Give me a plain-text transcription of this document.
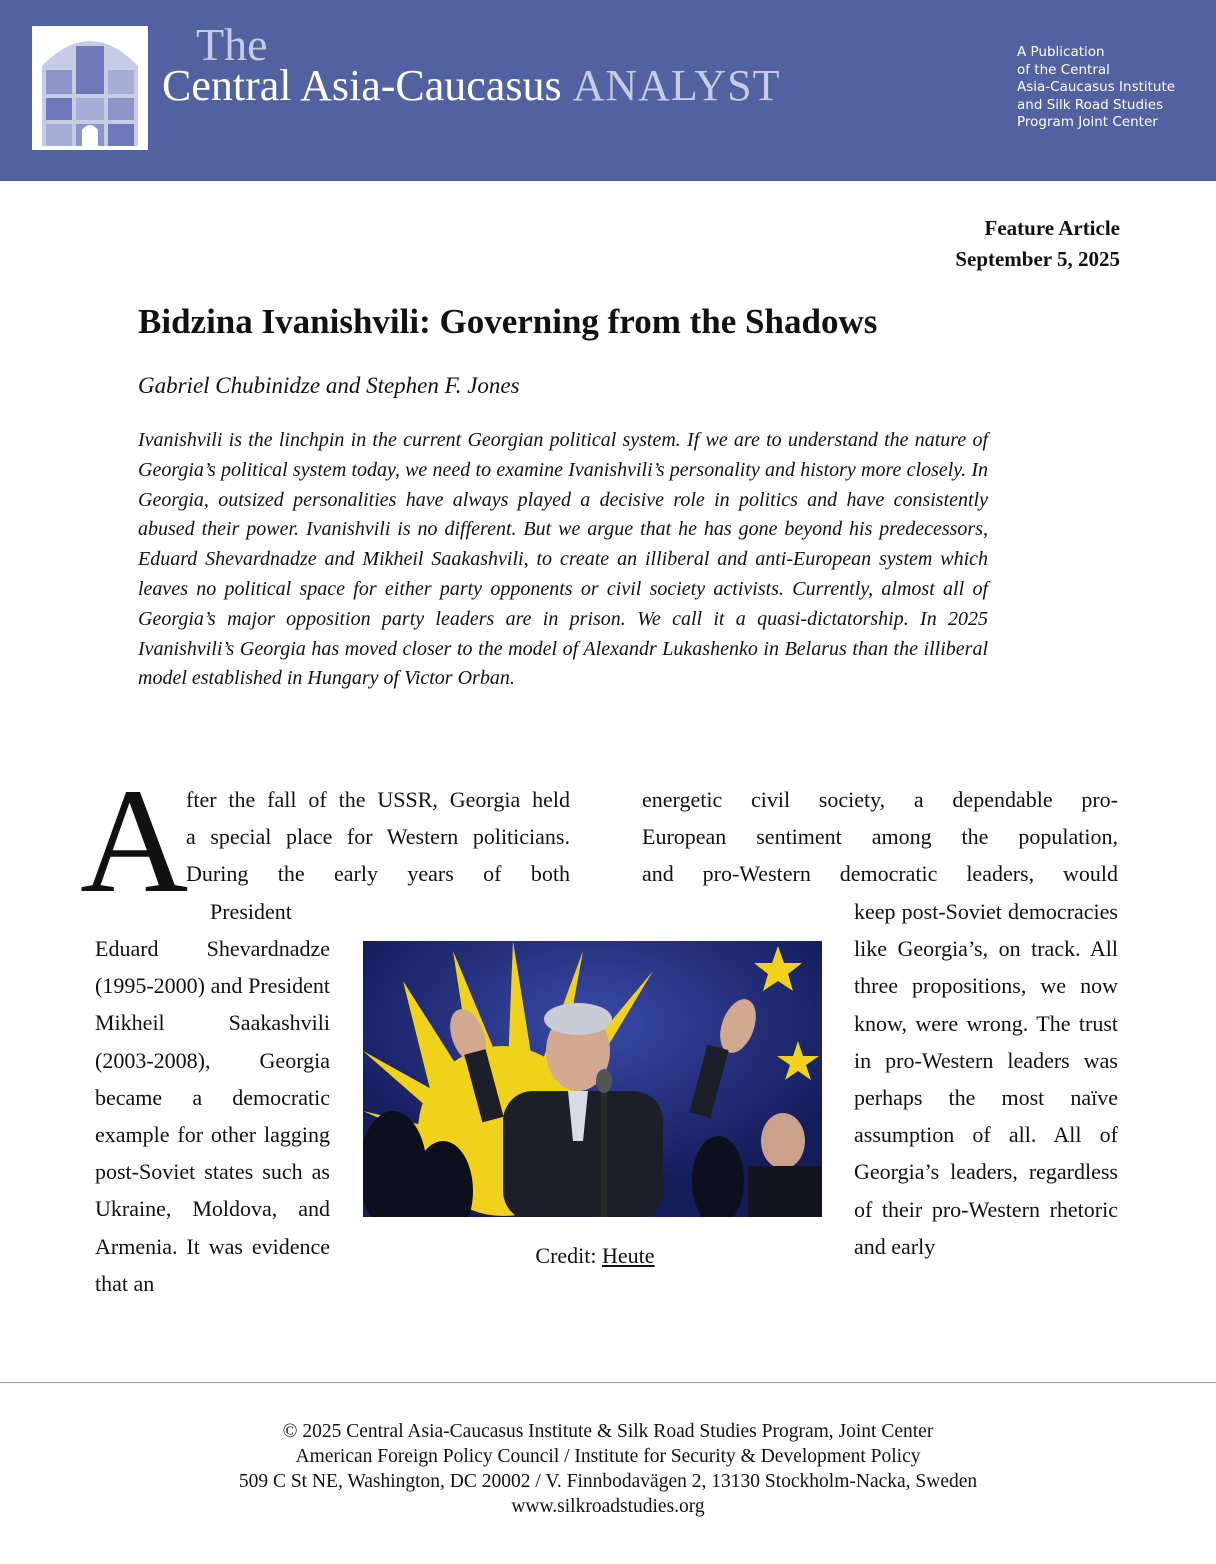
The
Central Asia-Caucasus ANALYST
A Publication
of the Central
Asia-Caucasus Institute
and Silk Road Studies
Program Joint Center
Feature Article
September 5, 2025
Bidzina Ivanishvili: Governing from the Shadows
Gabriel Chubinidze and Stephen F. Jones

Ivanishvili is the linchpin in the current Georgian political system. If we are to understand the nature of Georgia’s political system today, we need to examine Ivanishvili’s personality and history more closely. In Georgia, outsized personalities have always played a decisive role in politics and have consistently abused their power. Ivanishvili is no different. But we argue that he has gone beyond his predecessors, Eduard Shevardnadze and Mikheil Saakashvili, to create an illiberal and anti-European system which leaves no political space for either party opponents or civil society activists. Currently, almost all of Georgia’s major opposition party leaders are in prison. We call it a quasi-dictatorship. In 2025 Ivanishvili’s Georgia has moved closer to the model of Alexandr Lukashenko in Belarus than the illiberal model established in Hungary of Victor Orban.

A
fter the fall of the USSR, Georgia held
a special place for Western politicians.
During the early years of both
President

Eduard Shevardnadze (1995-2000) and President Mikheil Saakashvili (2003-2008), Georgia became a democratic example for other lagging post-Soviet states such as Ukraine, Moldova, and Armenia. It was evidence that an

energetic civil society, a dependable pro-
European sentiment among the population,
and pro-Western democratic leaders, would

keep post-Soviet democracies like Georgia’s, on track. All three propositions, we now know, were wrong. The trust in pro-Western leaders was perhaps the most naïve assumption of all. All of Georgia’s leaders, regardless of their pro-Western rhetoric and early

Credit: Heute
© 2025 Central Asia-Caucasus Institute & Silk Road Studies Program, Joint Center
American Foreign Policy Council / Institute for Security & Development Policy
509 C St NE, Washington, DC 20002 / V. Finnbodavägen 2, 13130 Stockholm-Nacka, Sweden
www.silkroadstudies.org
